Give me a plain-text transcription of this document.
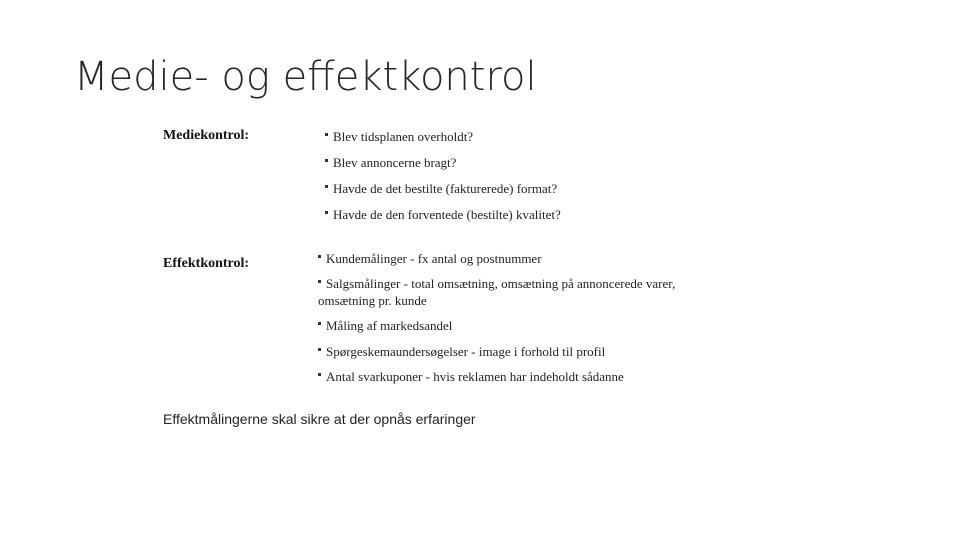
Medie- og effektkontrol
Mediekontrol:	Blev tidsplanen overholdt?
Blev annoncerne bragt?
Havde de det bestilte (fakturerede) format?
Havde de den forventede (bestilte) kvalitet?
Effektkontrol:	Kundemålinger - fx antal og postnummer
Salgsmålinger - total omsætning, omsætning på annoncerede varer, omsætning pr. kunde
Måling af markedsandel
Spørgeskemaundersøgelser - image i forhold til profil
Antal svarkuponer - hvis reklamen har indeholdt sådanne
Effektmålingerne skal sikre at der opnås erfaringer
